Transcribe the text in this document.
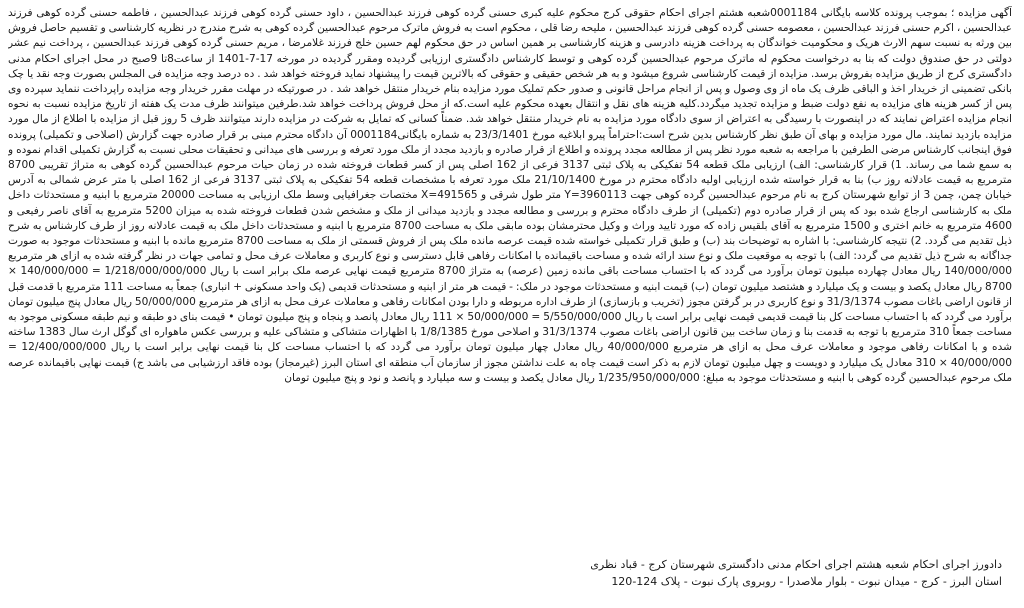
آگهی مزایده ؛ بموجب پرونده کلاسه بایگانی 0001184شعبه هشتم اجرای احکام حقوقی کرج محکوم علیه کبری حسنی گرده کوهی فرزند عبدالحسین ، داود حسنی گرده کوهی فرزند عبدالحسین ، فاطمه حسنی گرده کوهی فرزند عبدالحسین ، اکرم حسنی فرزند عبدالحسین ، معصومه حسنی گرده کوهی فرزند عبدالحسین ، ملیحه رضا قلی ، محکوم است به فروش ماترک مرحوم عبدالحسین گرده کوهی به شرح مندرج در نظریه کارشناسی و تقسیم حاصل فروش بین ورثه به نسبت سهم الارث هریک و محکومیت خواندگان به پرداخت هزینه دادرسی و هزینه کارشناسی بر همین اساس در حق محکوم لهم حسین خلج فرزند غلامرضا ، مریم حسنی گرده کوهی فرزند عبدالحسین ، پرداخت نیم عشر دولتی در حق صندوق دولت که بنا به درخواست محکوم له ماترک مرحوم عبدالحسین گرده کوهی و توسط کارشناس دادگستری ارزیابی گردیده ومقرر گردیده در مورخه 17-7-1401 از ساعت8تا 9صبح در محل اجرای احکام مدنی دادگستری کرج از طریق مزایده بفروش برسد. مزایده از قیمت کارشناسی شروع میشود و به هر شخص حقیقی و حقوقی که بالاترین قیمت را پیشنهاد نماید فروخته خواهد شد . ده درصد وجه مزایده فی المجلس بصورت وجه نقد یا چک بانکی تضمینی از خریدار اخذ و الباقی ظرف یک ماه از وی وصول و پس از انجام مراحل قانونی و صدور حکم تملیک مورد مزایده بنام خریدار منتقل خواهد شد . در صورتیکه در مهلت مقرر خریدار وجه مزایده راپرداخت ننماید سپرده وی پس از کسر هزینه های مزایده به نفع دولت ضبط و مزایده تجدید میگردد.کلیه هزینه های نقل و انتقال بعهده محکوم علیه است.که از محل فروش پرداخت خواهد شد.طرفین میتوانند ظرف مدت یک هفته از تاریخ مزایده نسبت به نحوه انجام مزایده اعتراض نمایند که در اینصورت با رسیدگی به اعتراض از سوی دادگاه مورد مزایده به نام خریدار منتقل خواهد شد. ضمناً کسانی که تمایل به شرکت در مزایده دارند میتوانند ظرف 5 روز قبل از مزایده با اطلاع از مال مورد مزایده بازدید نمایند. مال مورد مزایده و بهای آن طبق نظر کارشناس بدین شرح است:احتراماً پیرو ابلاغیه مورخ 23/3/1401 به شماره بایگانی0001184 آن دادگاه محترم مبنی بر قرار صادره جهت گزارش (اصلاحی و تکمیلی) پرونده فوق اینجانب کارشناس مرضی الطرفین با مراجعه به شعبه مورد نظر پس از مطالعه مجدد پرونده و اطلاع از قرار صادره و بازدید مجدد از ملک مورد تعرفه و بررسی های میدانی و تحقیقات محلی نسبت به گزارش تکمیلی اقدام نموده و به سمع شما می رساند. 1) قرار کارشناسی: الف) ارزیابی ملک قطعه 54 تفکیکی به پلاک ثبتی 3137 فرعی از 162 اصلی پس از کسر قطعات فروخته شده در زمان حیات مرحوم عبدالحسین گرده کوهی به متراژ تقریبی 8700 مترمربع به قیمت عادلانه روز ب) بنا به قرار خواسته شده ارزیابی اولیه دادگاه محترم در مورخ 21/10/1400 ملک مورد تعرفه با مشخصات قطعه 54 تفکیکی به پلاک ثبتی 3137 فرعی از 162 اصلی با متر عرض شمالی به آدرس خیابان چمن، چمن 3 از توابع شهرستان کرج به نام مرحوم عبدالحسین گرده کوهی جهت 3960113=Y متر طول شرقی و 491565=X مختصات جغرافیایی وسط ملک ارزیابی به مساحت 20000 مترمربع با ابنیه و مستحدثات داخل ملک به کارشناسی ارجاع شده بود که پس از قرار صادره دوم (تکمیلی) از طرف دادگاه محترم و بررسی و مطالعه مجدد و بازدید میدانی از ملک و مشخص شدن قطعات فروخته شده به میزان 5200 مترمربع به آقای ناصر رفیعی و 4600 مترمربع به خانم اختری و 1500 مترمربع به آقای بلقیس زاده که مورد تایید وراث و وکیل محترمشان بوده مابقی ملک به مساحت 8700 مترمربع با ابنیه و مستحدثات داخل ملک به قیمت عادلانه روز از طرف کارشناس به شرح ذیل تقدیم می گردد. 2) نتیجه کارشناسی: با اشاره به توضیحات بند (ب) و طبق قرار تکمیلی خواسته شده قیمت عرصه مانده ملک پس از فروش قسمتی از ملک به مساحت 8700 مترمربع مانده با ابنیه و مستحدثات موجود به صورت جداگانه به شرح ذیل تقدیم می گردد: الف) با توجه به موقعیت ملک و نوع سند ارائه شده و مساحت باقیمانده با امکانات رفاهی قابل دسترسی و نوع کاربری و معاملات عرف محل و تمامی جهات در نظر گرفته شده به ازای هر مترمربع 140/000/000 ریال معادل چهارده میلیون تومان برآورد می گردد که با احتساب مساحت باقی مانده زمین (عرصه) به متراژ 8700 مترمربع قیمت نهایی عرصه ملک برابر است با ریال 1/218/000/000/000 = 140/000/000 × 8700 ریال معادل یکصد و بیست و یک میلیارد و هشتصد میلیون تومان (ب) قیمت ابنیه و مستحدثات موجود در ملک: - قیمت هر متر از ابنیه و مستحدثات قدیمی (یک واحد مسکونی + انباری) جمعاً به مساحت 111 مترمربع با قدمت قبل از قانون اراضی باغات مصوب 31/3/1374 و نوع کاربری در بر گرفتن مجوز (تخریب و بازسازی) از طرف اداره مربوطه و دارا بودن امکانات رفاهی و معاملات عرف محل به ازای هر مترمربع 50/000/000 ریال معادل پنج میلیون تومان برآورد می گردد که با احتساب مساحت کل بنا قیمت قدیمی قیمت نهایی برابر است با ریال 5/550/000/000 = 50/000/000 × 111 ریال معادل پانصد و پنجاه و پنج میلیون تومان • قیمت بنای دو طبقه و نیم طبقه مسکونی موجود به مساحت جمعاً 310 مترمربع با توجه به قدمت بنا و زمان ساخت بین قانون اراضی باغات مصوب 31/3/1374 و اصلاحی مورخ 1/8/1385 با اظهارات متشاکی و متشاکی علیه و بررسی عکس ماهواره ای گوگل ارث سال 1383 ساخته شده و با امکانات رفاهی موجود و معاملات عرف محل به ازای هر مترمربع 40/000/000 ریال معادل چهار میلیون تومان برآورد می گردد که با احتساب مساحت کل بنا قیمت نهایی برابر است با ریال 12/400/000/000 = 40/000/000 × 310 معادل یک میلیارد و دویست و چهل میلیون تومان لازم به ذکر است قیمت چاه به علت نداشتن مجوز از سازمان آب منطقه ای استان البرز (غیرمجاز) بوده فاقد ارزشیابی می باشد ج) قیمت نهایی باقیمانده عرصه ملک مرحوم عبدالحسین گرده کوهی با ابنیه و مستحدثات موجود به مبلغ: 1/235/950/000/000 ریال معادل یکصد و بیست و سه میلیارد و پانصد و نود و پنج میلیون تومان
دادورز اجرای احکام شعبه هشتم اجرای احکام مدنی دادگستری شهرستان کرج - قباد نظری
استان البرز - کرج - میدان نبوت - بلوار ملاصدرا - روبروی پارک نبوت - پلاک 124-120
